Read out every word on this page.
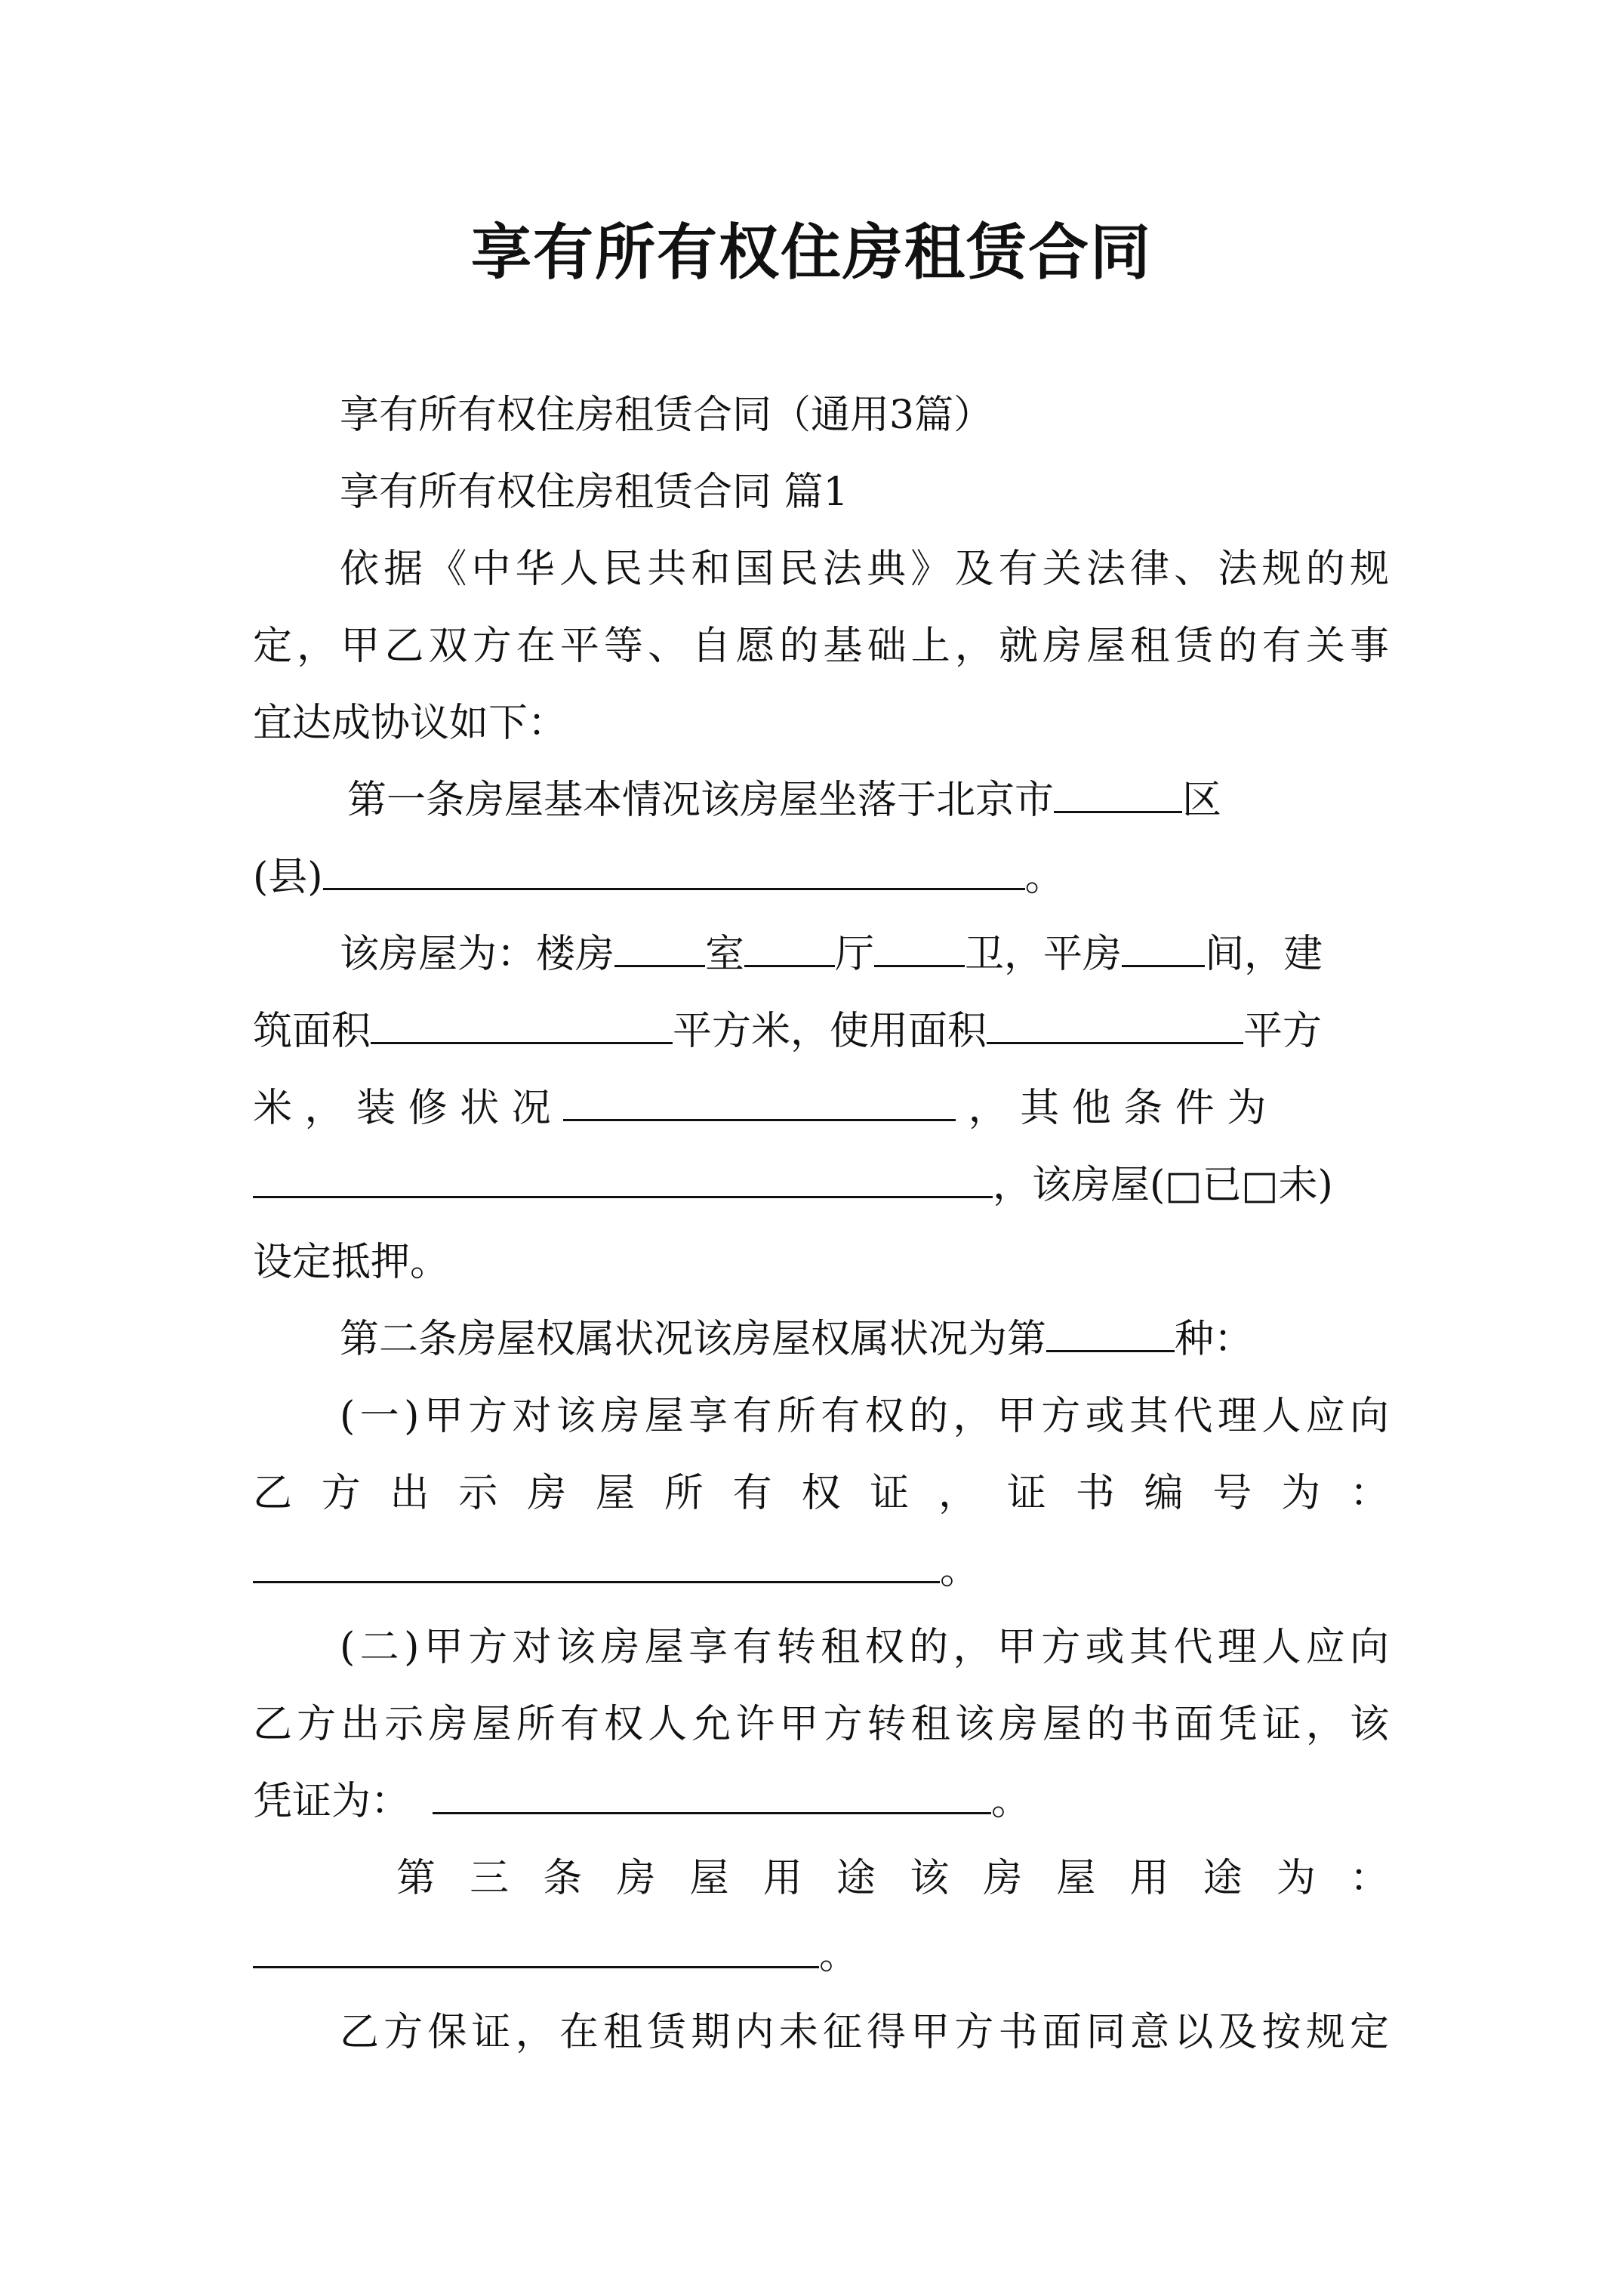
享有所有权住房租赁合同
享有所有权住房租赁合同（通用3篇）
享有所有权住房租赁合同 篇1
依据《中华人民共和国民法典》及有关法律、法规的规
定，甲乙双方在平等、自愿的基础上，就房屋租赁的有关事
宜达成协议如下：
第一条房屋基本情况该房屋坐落于北京市	区
(县)	。
该房屋为：楼房 室 厅 卫，平房 间，建
筑面积	平方米，使用面积	平方
米 ， 装 修 状 况	， 其 他 条 件 为
，该房屋(□已□未)
设定抵押。
第二条房屋权属状况该房屋权属状况为第	种：
(一)甲方对该房屋享有所有权的，甲方或其代理人应向
乙 方 出 示 房 屋 所 有 权 证 ， 证 书 编 号 为 ：
。
(二)甲方对该房屋享有转租权的，甲方或其代理人应向
乙方出示房屋所有权人允许甲方转租该房屋的书面凭证，该
凭证为：	。
第 三 条 房 屋 用 途 该 房 屋 用 途 为 ：
。
乙方保证，在租赁期内未征得甲方书面同意以及按规定
